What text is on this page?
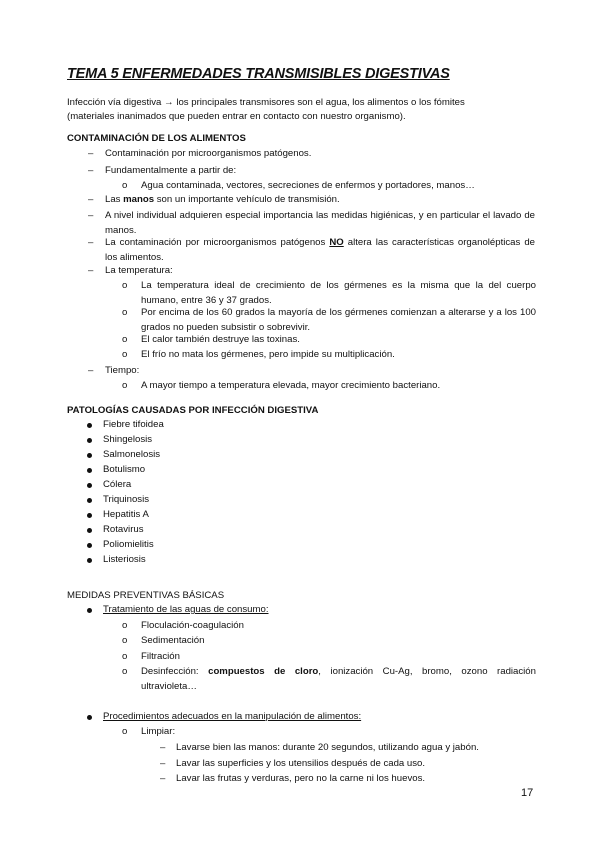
TEMA 5 ENFERMEDADES TRANSMISIBLES DIGESTIVAS
Infección vía digestiva → los principales transmisores son el agua, los alimentos o los fómites
(materiales inanimados que pueden entrar en contacto con nuestro organismo).
CONTAMINACIÓN DE LOS ALIMENTOS
–	Contaminación por microorganismos patógenos.
–	Fundamentalmente a partir de:
o	Agua contaminada, vectores, secreciones de enfermos y portadores, manos…
–	Las manos son un importante vehículo de transmisión.
–	A nivel individual adquieren especial importancia las medidas higiénicas, y en particular el lavado de manos.
–	La contaminación por microorganismos patógenos NO altera las características organolépticas de los alimentos.
–	La temperatura:
o	La temperatura ideal de crecimiento de los gérmenes es la misma que la del cuerpo humano, entre 36 y 37 grados.
o	Por encima de los 60 grados la mayoría de los gérmenes comienzan a alterarse y a los 100 grados no pueden subsistir o sobrevivir.
o	El calor también destruye las toxinas.
o	El frío no mata los gérmenes, pero impide su multiplicación.
–	Tiempo:
o	A mayor tiempo a temperatura elevada, mayor crecimiento bacteriano.
PATOLOGÍAS CAUSADAS POR INFECCIÓN DIGESTIVA
Fiebre tifoidea
Shingelosis
Salmonelosis
Botulismo
Cólera
Triquinosis
Hepatitis A
Rotavirus
Poliomielitis
Listeriosis
MEDIDAS PREVENTIVAS BÁSICAS
Tratamiento de las aguas de consumo:
o	Floculación-coagulación
o	Sedimentación
o	Filtración
o	Desinfección: compuestos de cloro, ionización Cu-Ag, bromo, ozono radiación ultravioleta…
Procedimientos adecuados en la manipulación de alimentos:
o	Limpiar:
–	Lavarse bien las manos: durante 20 segundos, utilizando agua y jabón.
–	Lavar las superficies y los utensilios después de cada uso.
–	Lavar las frutas y verduras, pero no la carne ni los huevos.
17
